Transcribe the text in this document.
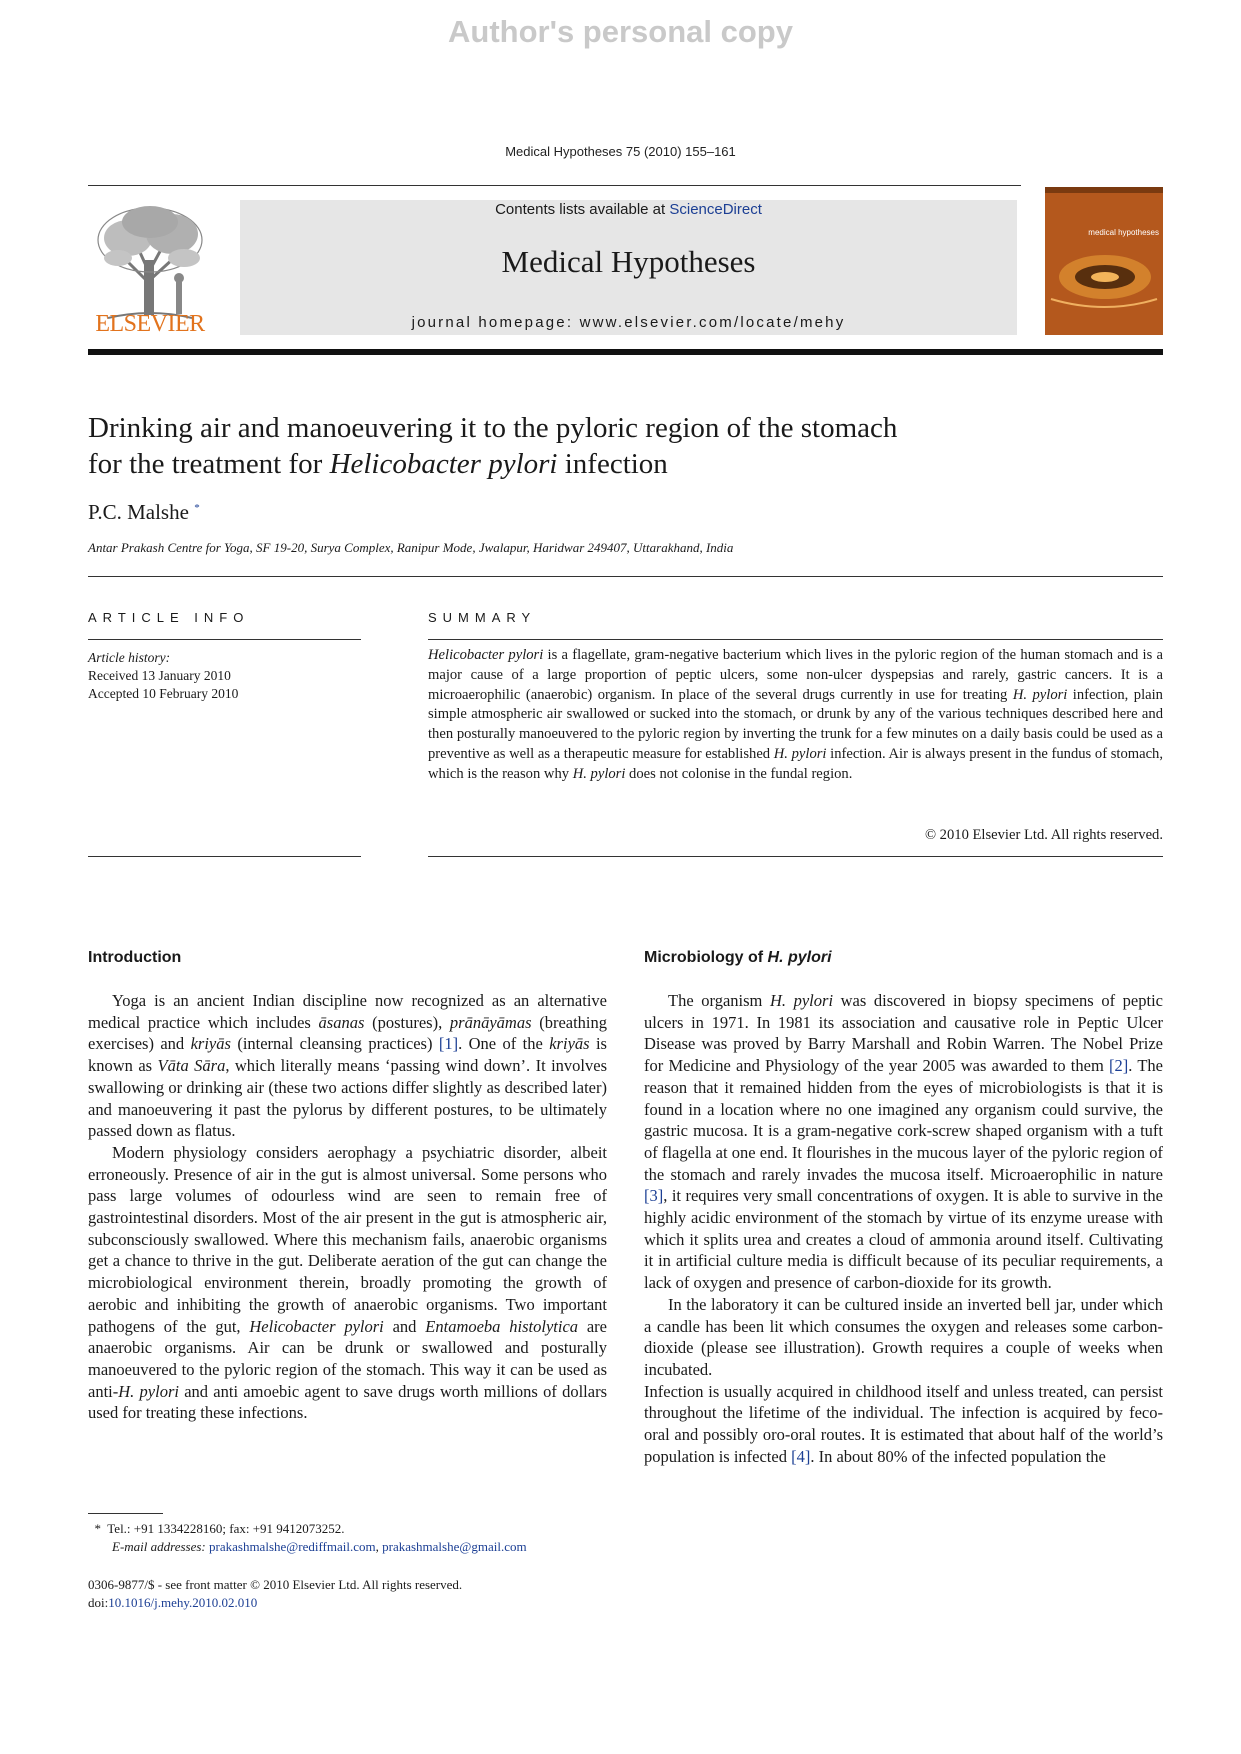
Author's personal copy
Medical Hypotheses 75 (2010) 155–161
ELSEVIER
Contents lists available at ScienceDirect
Medical Hypotheses
journal homepage: www.elsevier.com/locate/mehy
medical hypotheses
Drinking air and manoeuvering it to the pyloric region of the stomach
for the treatment for Helicobacter pylori infection
P.C. Malshe *
Antar Prakash Centre for Yoga, SF 19-20, Surya Complex, Ranipur Mode, Jwalapur, Haridwar 249407, Uttarakhand, India
ARTICLE INFO
Article history:
Received 13 January 2010
Accepted 10 February 2010
SUMMARY
Helicobacter pylori is a flagellate, gram-negative bacterium which lives in the pyloric region of the human stomach and is a major cause of a large proportion of peptic ulcers, some non-ulcer dyspepsias and rarely, gastric cancers. It is a microaerophilic (anaerobic) organism. In place of the several drugs currently in use for treating H. pylori infection, plain simple atmospheric air swallowed or sucked into the stomach, or drunk by any of the various techniques described here and then posturally manoeuvered to the pyloric region by inverting the trunk for a few minutes on a daily basis could be used as a preventive as well as a therapeutic measure for established H. pylori infection. Air is always present in the fundus of stomach, which is the reason why H. pylori does not colonise in the fundal region.
© 2010 Elsevier Ltd. All rights reserved.
Introduction

Yoga is an ancient Indian discipline now recognized as an alternative medical practice which includes āsanas (postures), prānāyāmas (breathing exercises) and kriyās (internal cleansing practices) [1]. One of the kriyās is known as Vāta Sāra, which literally means ‘passing wind down’. It involves swallowing or drinking air (these two actions differ slightly as described later) and manoeuvering it past the pylorus by different postures, to be ultimately passed down as flatus.

Modern physiology considers aerophagy a psychiatric disorder, albeit erroneously. Presence of air in the gut is almost universal. Some persons who pass large volumes of odourless wind are seen to remain free of gastrointestinal disorders. Most of the air present in the gut is atmospheric air, subconsciously swallowed. Where this mechanism fails, anaerobic organisms get a chance to thrive in the gut. Deliberate aeration of the gut can change the microbiological environment therein, broadly promoting the growth of aerobic and inhibiting the growth of anaerobic organisms. Two important pathogens of the gut, Helicobacter pylori and Entamoeba histolytica are anaerobic organisms. Air can be drunk or swallowed and posturally manoeuvered to the pyloric region of the stomach. This way it can be used as anti-H. pylori and anti amoebic agent to save drugs worth millions of dollars used for treating these infections.

Microbiology of H. pylori

The organism H. pylori was discovered in biopsy specimens of peptic ulcers in 1971. In 1981 its association and causative role in Peptic Ulcer Disease was proved by Barry Marshall and Robin Warren. The Nobel Prize for Medicine and Physiology of the year 2005 was awarded to them [2]. The reason that it remained hidden from the eyes of microbiologists is that it is found in a location where no one imagined any organism could survive, the gastric mucosa. It is a gram-negative cork-screw shaped organism with a tuft of flagella at one end. It flourishes in the mucous layer of the pyloric region of the stomach and rarely invades the mucosa itself. Microaerophilic in nature [3], it requires very small concentrations of oxygen. It is able to survive in the highly acidic environment of the stomach by virtue of its enzyme urease with which it splits urea and creates a cloud of ammonia around itself. Cultivating it in artificial culture media is difficult because of its peculiar requirements, a lack of oxygen and presence of carbon-dioxide for its growth.

In the laboratory it can be cultured inside an inverted bell jar, under which a candle has been lit which consumes the oxygen and releases some carbon-dioxide (please see illustration). Growth requires a couple of weeks when incubated.

Infection is usually acquired in childhood itself and unless treated, can persist throughout the lifetime of the individual. The infection is acquired by feco-oral and possibly oro-oral routes. It is estimated that about half of the world’s population is infected [4]. In about 80% of the infected population the

* Tel.: +91 1334228160; fax: +91 9412073252.
E-mail addresses: prakashmalshe@rediffmail.com, prakashmalshe@gmail.com
0306-9877/$ - see front matter © 2010 Elsevier Ltd. All rights reserved.
doi:10.1016/j.mehy.2010.02.010
